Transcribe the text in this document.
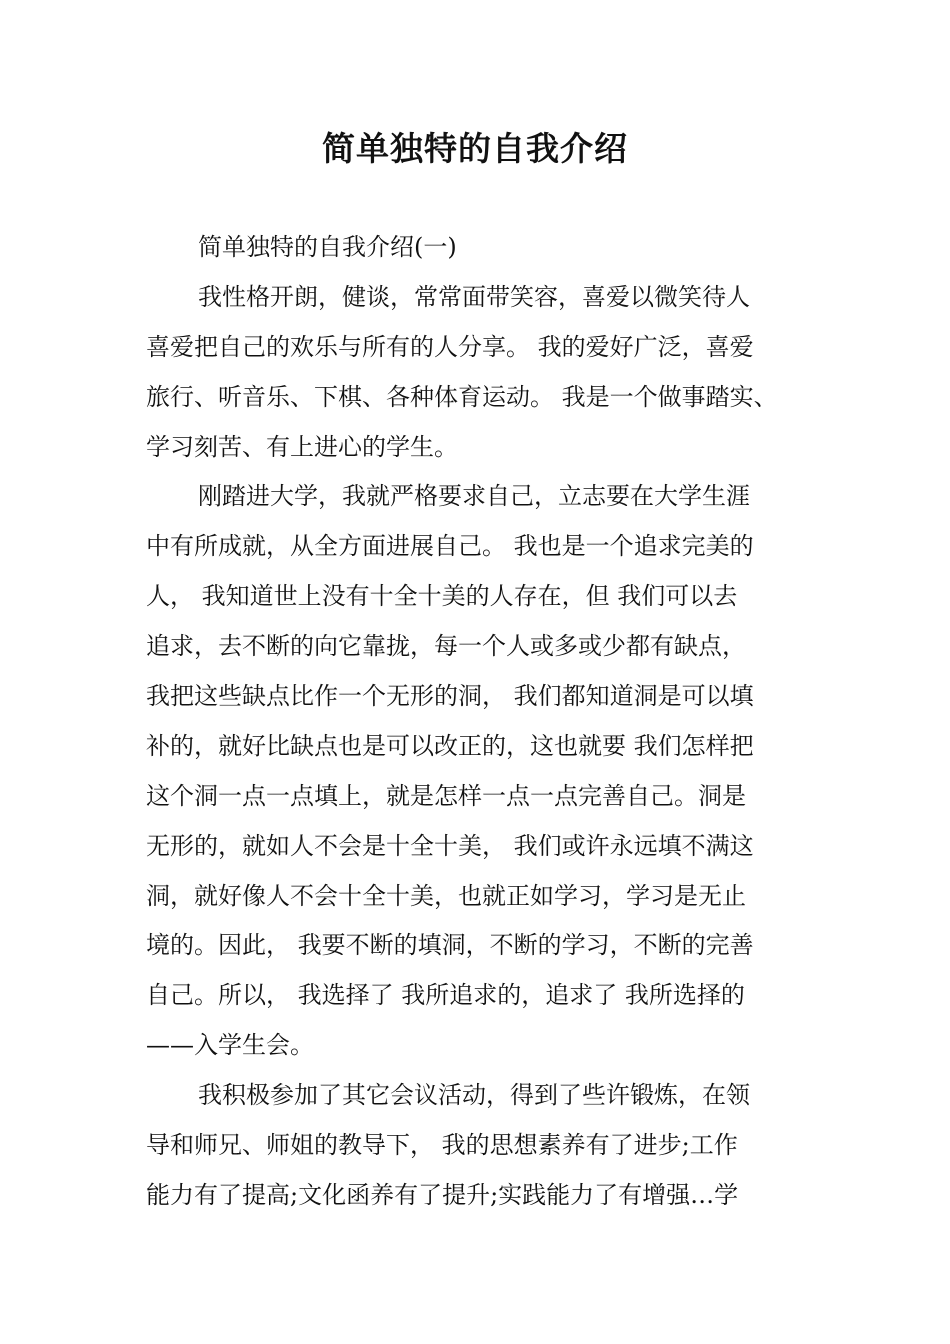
简单独特的自我介绍

简单独特的自我介绍(一)

我性格开朗，健谈，常常面带笑容，喜爱以微笑待人

喜爱把自己的欢乐与所有的人分享。 我的爱好广泛，喜爱

旅行、听音乐、下棋、各种体育运动。 我是一个做事踏实、

学习刻苦、有上进心的学生。

刚踏进大学，我就严格要求自己，立志要在大学生涯

中有所成就，从全方面进展自己。 我也是一个追求完美的

人， 我知道世上没有十全十美的人存在，但 我们可以去

追求，去不断的向它靠拢，每一个人或多或少都有缺点，

我把这些缺点比作一个无形的洞， 我们都知道洞是可以填

补的，就好比缺点也是可以改正的，这也就要 我们怎样把

这个洞一点一点填上，就是怎样一点一点完善自己。洞是

无形的，就如人不会是十全十美， 我们或许永远填不满这

洞，就好像人不会十全十美，也就正如学习，学习是无止

境的。因此， 我要不断的填洞，不断的学习，不断的完善

自己。所以， 我选择了 我所追求的，追求了 我所选择的

——入学生会。

我积极参加了其它会议活动，得到了些许锻炼，在领

导和师兄、师姐的教导下， 我的思想素养有了进步;工作

能力有了提高;文化函养有了提升;实践能力了有增强…学
